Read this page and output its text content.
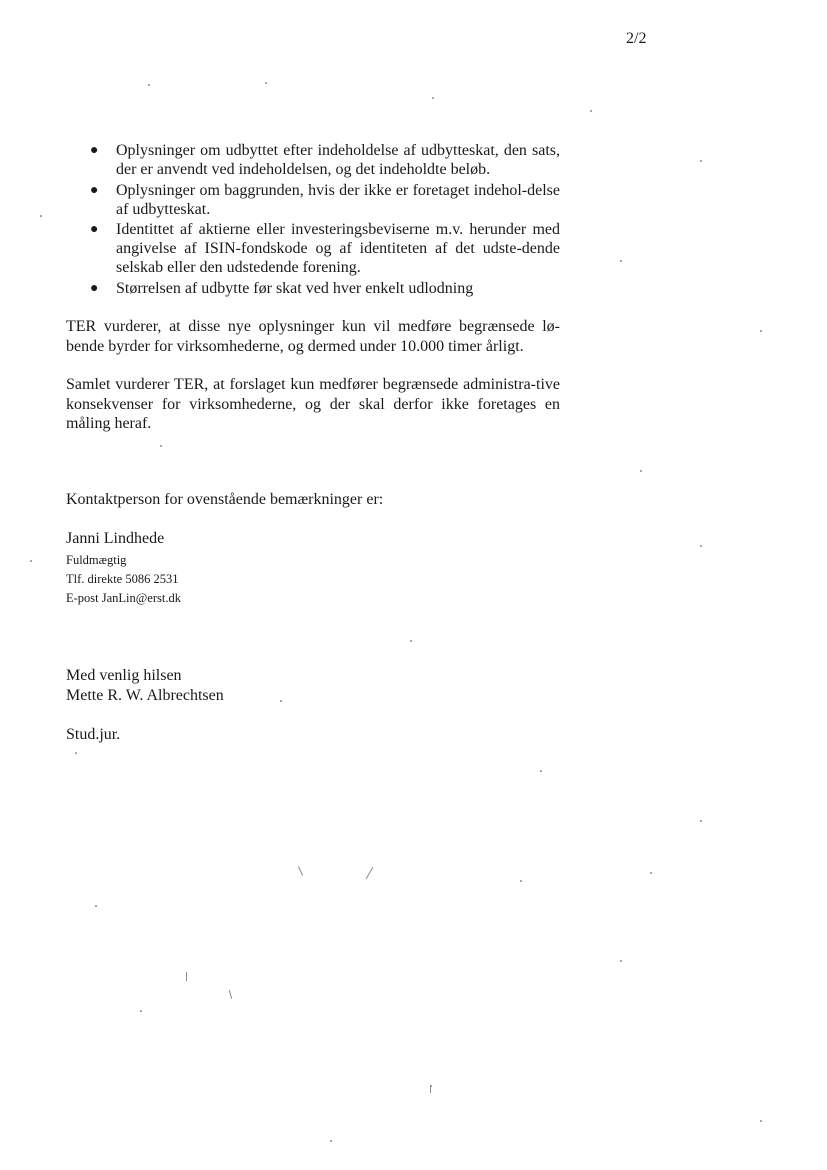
2/2
● Oplysninger om udbyttet efter indeholdelse af udbytteskat, den sats, der er anvendt ved indeholdelsen, og det indeholdte beløb.
● Oplysninger om baggrunden, hvis der ikke er foretaget indehol-delse af udbytteskat.
● Identittet af aktierne eller investeringsbeviserne m.v. herunder med angivelse af ISIN-fondskode og af identiteten af det udste-dende selskab eller den udstedende forening.
● Størrelsen af udbytte før skat ved hver enkelt udlodning

TER vurderer, at disse nye oplysninger kun vil medføre begrænsede lø-bende byrder for virksomhederne, og dermed under 10.000 timer årligt.

Samlet vurderer TER, at forslaget kun medfører begrænsede administra-tive konsekvenser for virksomhederne, og der skal derfor ikke foretages en måling heraf.

Kontaktperson for ovenstående bemærkninger er:
Janni Lindhede
Fuldmægtig
Tlf. direkte 5086 2531
E-post JanLin@erst.dk
Med venlig hilsen
Mette R. W. Albrechtsen
Stud.jur.
